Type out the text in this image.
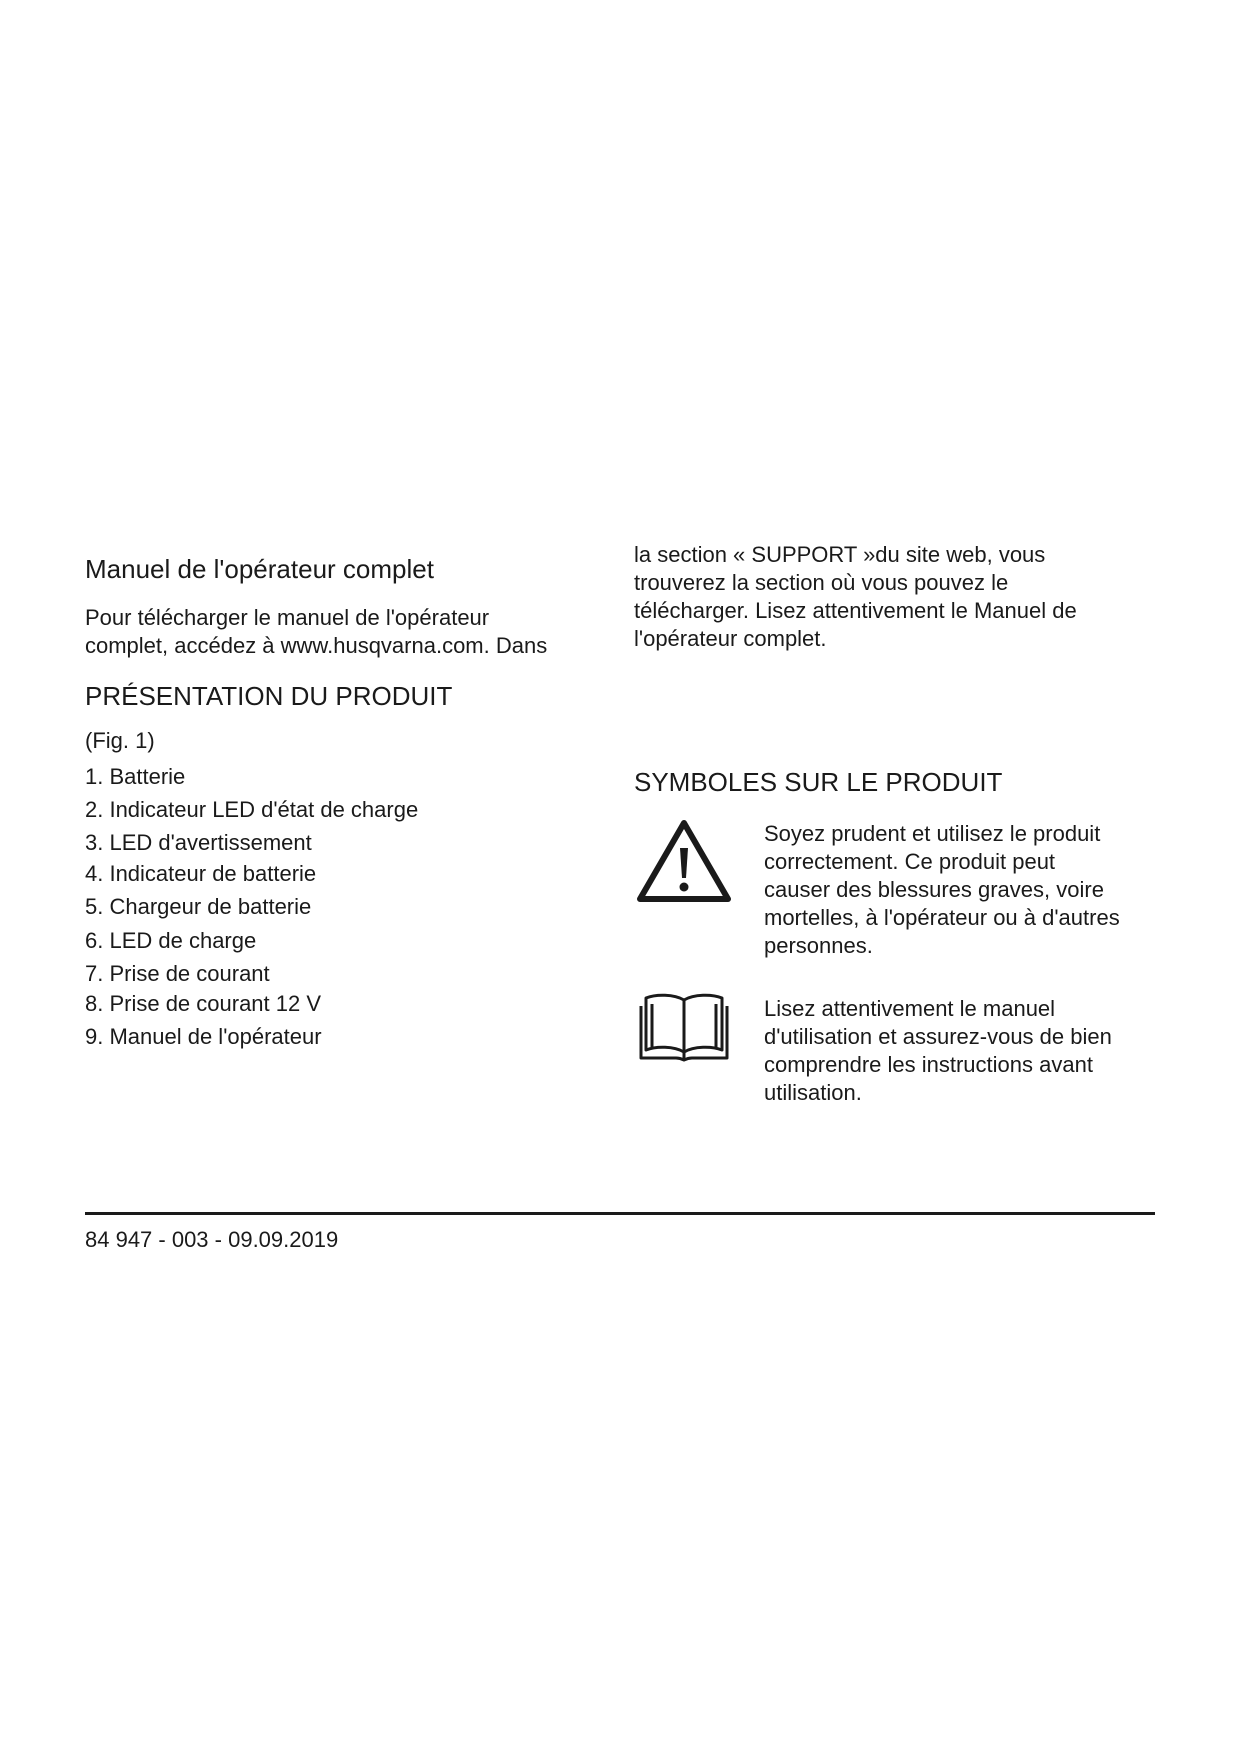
Manuel de l'opérateur complet
Pour télécharger le manuel de l'opérateur
complet, accédez à www.husqvarna.com. Dans
PRÉSENTATION DU PRODUIT
(Fig. 1)
1. Batterie
2. Indicateur LED d'état de charge
3. LED d'avertissement
4. Indicateur de batterie
5. Chargeur de batterie
6. LED de charge
7. Prise de courant
8. Prise de courant 12 V
9. Manuel de l'opérateur
la section « SUPPORT »du site web, vous
trouverez la section où vous pouvez le
télécharger. Lisez attentivement le Manuel de
l'opérateur complet.
SYMBOLES SUR LE PRODUIT
Soyez prudent et utilisez le produit
correctement. Ce produit peut
causer des blessures graves, voire
mortelles, à l'opérateur ou à d'autres
personnes.
Lisez attentivement le manuel
d'utilisation et assurez-vous de bien
comprendre les instructions avant
utilisation.
84 947 - 003 - 09.09.2019
